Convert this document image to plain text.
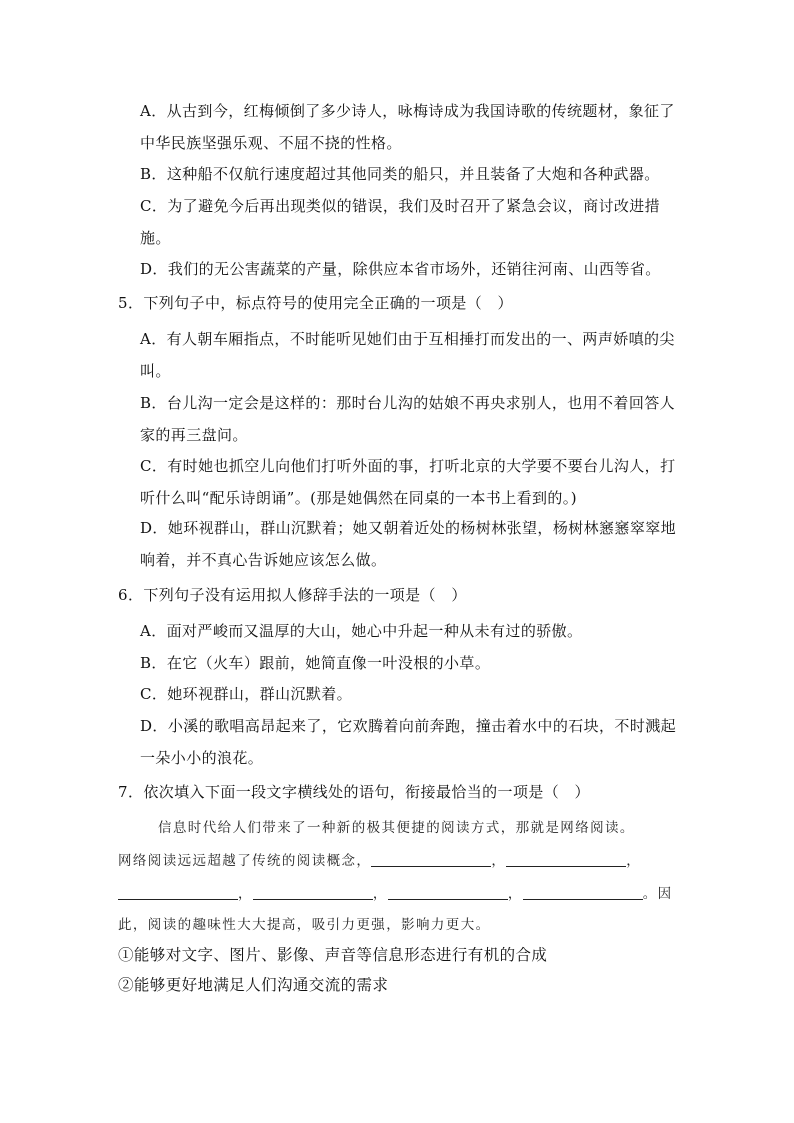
A．从古到今，红梅倾倒了多少诗人，咏梅诗成为我国诗歌的传统题材，象征了中华民族坚强乐观、不屈不挠的性格。
B．这种船不仅航行速度超过其他同类的船只，并且装备了大炮和各种武器。
C．为了避免今后再出现类似的错误，我们及时召开了紧急会议，商讨改进措施。
D．我们的无公害蔬菜的产量，除供应本省市场外，还销往河南、山西等省。
5．下列句子中，标点符号的使用完全正确的一项是（　）
A．有人朝车厢指点，不时能听见她们由于互相捶打而发出的一、两声娇嗔的尖叫。
B．台儿沟一定会是这样的：那时台儿沟的姑娘不再央求别人，也用不着回答人家的再三盘问。
C．有时她也抓空儿向他们打听外面的事，打听北京的大学要不要台儿沟人，打听什么叫“配乐诗朗诵”。(那是她偶然在同桌的一本书上看到的。)
D．她环视群山，群山沉默着；她又朝着近处的杨树林张望，杨树林窸窸窣窣地响着，并不真心告诉她应该怎么做。
6．下列句子没有运用拟人修辞手法的一项是（　）
A．面对严峻而又温厚的大山，她心中升起一种从未有过的骄傲。
B．在它（火车）跟前，她简直像一叶没根的小草。
C．她环视群山，群山沉默着。
D．小溪的歌唱高昂起来了，它欢腾着向前奔跑，撞击着水中的石块，不时溅起一朵小小的浪花。
7．依次填入下面一段文字横线处的语句，衔接最恰当的一项是（　）
信息时代给人们带来了一种新的极其便捷的阅读方式，那就是网络阅读。
网络阅读远远超越了传统的阅读概念，	，	，
，	，	，	。因
此，阅读的趣味性大大提高，吸引力更强，影响力更大。
①能够对文字、图片、影像、声音等信息形态进行有机的合成
②能够更好地满足人们沟通交流的需求
